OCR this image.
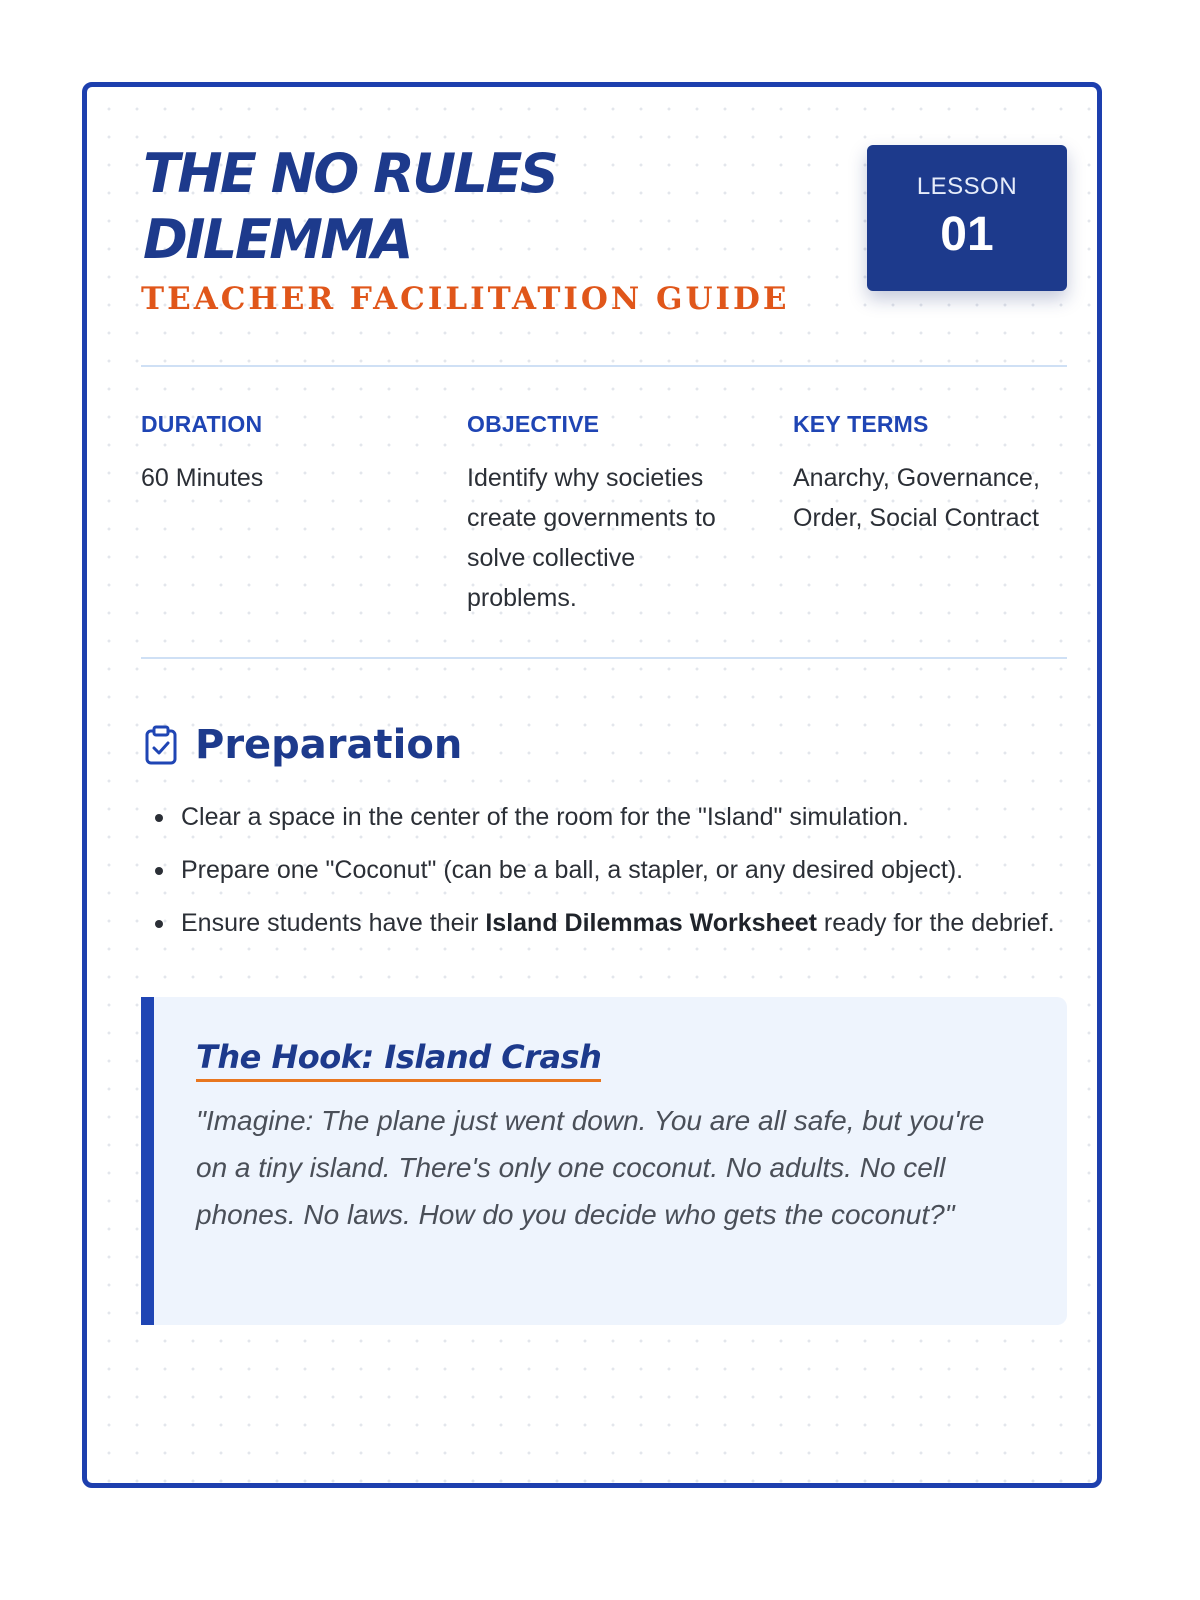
THE NO RULES DILEMMA
TEACHER FACILITATION GUIDE
LESSON
01
DURATION
60 Minutes
OBJECTIVE
Identify why societies create governments to solve collective problems.
KEY TERMS
Anarchy, Governance, Order, Social Contract
Preparation
Clear a space in the center of the room for the "Island" simulation.
Prepare one "Coconut" (can be a ball, a stapler, or any desired object).
Ensure students have their Island Dilemmas Worksheet ready for the debrief.
The Hook: Island Crash

"Imagine: The plane just went down. You are all safe, but you're on a tiny island. There's only one coconut. No adults. No cell phones. No laws. How do you decide who gets the coconut?"
